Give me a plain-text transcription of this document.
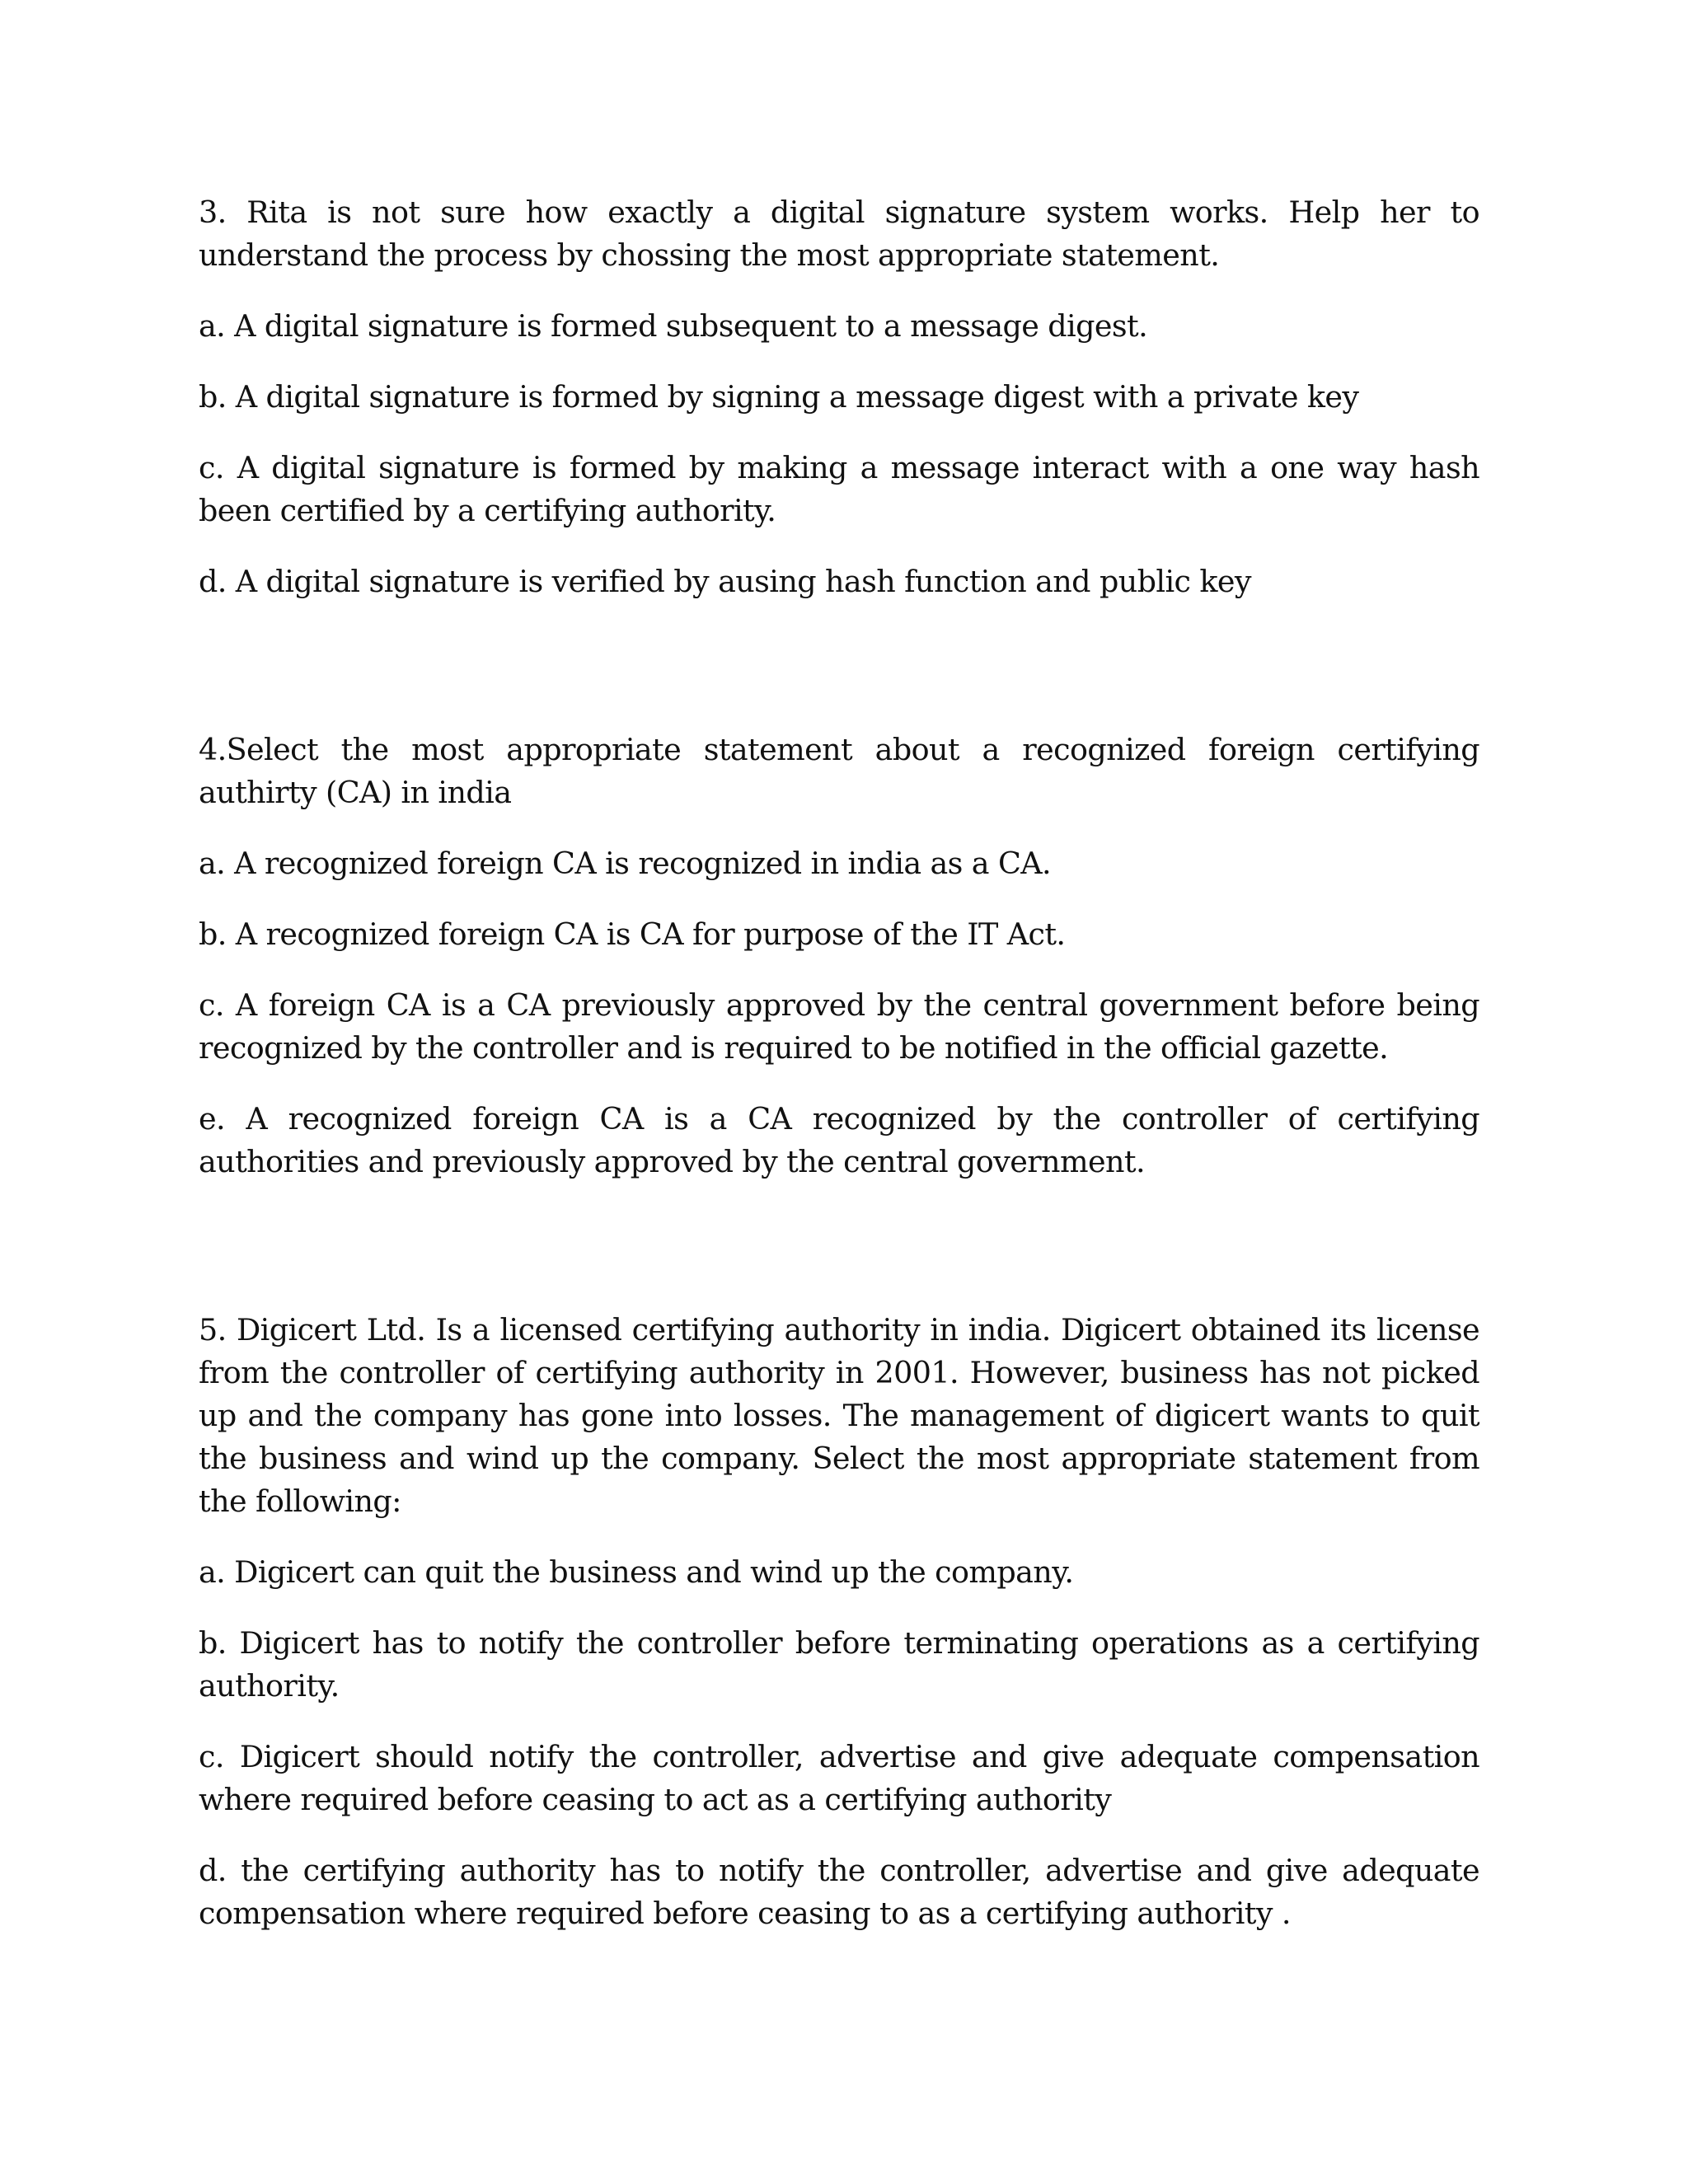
3. Rita is not sure how exactly a digital signature system works. Help her to understand the process by chossing the most appropriate statement.

a. A digital signature is formed subsequent to a message digest.

b. A digital signature is formed by signing a message digest with a private key

c. A digital signature is formed by making a message interact with a one way hash been certified by a certifying authority.

d. A digital signature is verified by ausing hash function and public key

4.Select the most appropriate statement about a recognized foreign certifying authirty (CA) in india

a. A recognized foreign CA is recognized in india as a CA.

b. A recognized foreign CA is CA for purpose of the IT Act.

c. A foreign CA is a CA previously approved by the central government before being recognized by the controller and is required to be notified in the official gazette.

e. A recognized foreign CA is a CA recognized by the controller of certifying authorities and previously approved by the central government.

5. Digicert Ltd. Is a licensed certifying authority in india. Digicert obtained its license from the controller of certifying authority in 2001. However, business has not picked up and the company has gone into losses. The management of digicert wants to quit the business and wind up the company. Select the most appropriate statement from the following:

a. Digicert can quit the business and wind up the company.

b. Digicert has to notify the controller before terminating operations as a certifying authority.

c. Digicert should notify the controller, advertise and give adequate compensation where required before ceasing to act as a certifying authority

d. the certifying authority has to notify the controller, advertise and give adequate compensation where required before ceasing to as a certifying authority .
